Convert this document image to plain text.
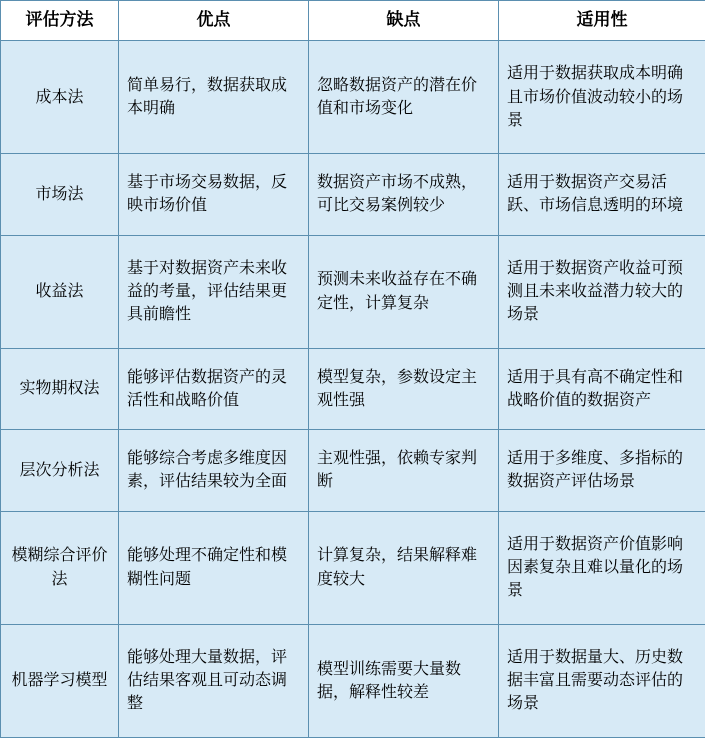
评估方法	优点	缺点	适用性
成本法	简单易行，数据获取成本明确	忽略数据资产的潜在价值和市场变化	适用于数据获取成本明确且市场价值波动较小的场景
市场法	基于市场交易数据，反映市场价值	数据资产市场不成熟，可比交易案例较少	适用于数据资产交易活跃、市场信息透明的环境
收益法	基于对数据资产未来收益的考量，评估结果更具前瞻性	预测未来收益存在不确定性，计算复杂	适用于数据资产收益可预测且未来收益潜力较大的场景
实物期权法	能够评估数据资产的灵活性和战略价值	模型复杂，参数设定主观性强	适用于具有高不确定性和战略价值的数据资产
层次分析法	能够综合考虑多维度因素，评估结果较为全面	主观性强，依赖专家判断	适用于多维度、多指标的数据资产评估场景
模糊综合评价法	能够处理不确定性和模糊性问题	计算复杂，结果解释难度较大	适用于数据资产价值影响因素复杂且难以量化的场景
机器学习模型	能够处理大量数据，评估结果客观且可动态调整	模型训练需要大量数据，解释性较差	适用于数据量大、历史数据丰富且需要动态评估的场景
